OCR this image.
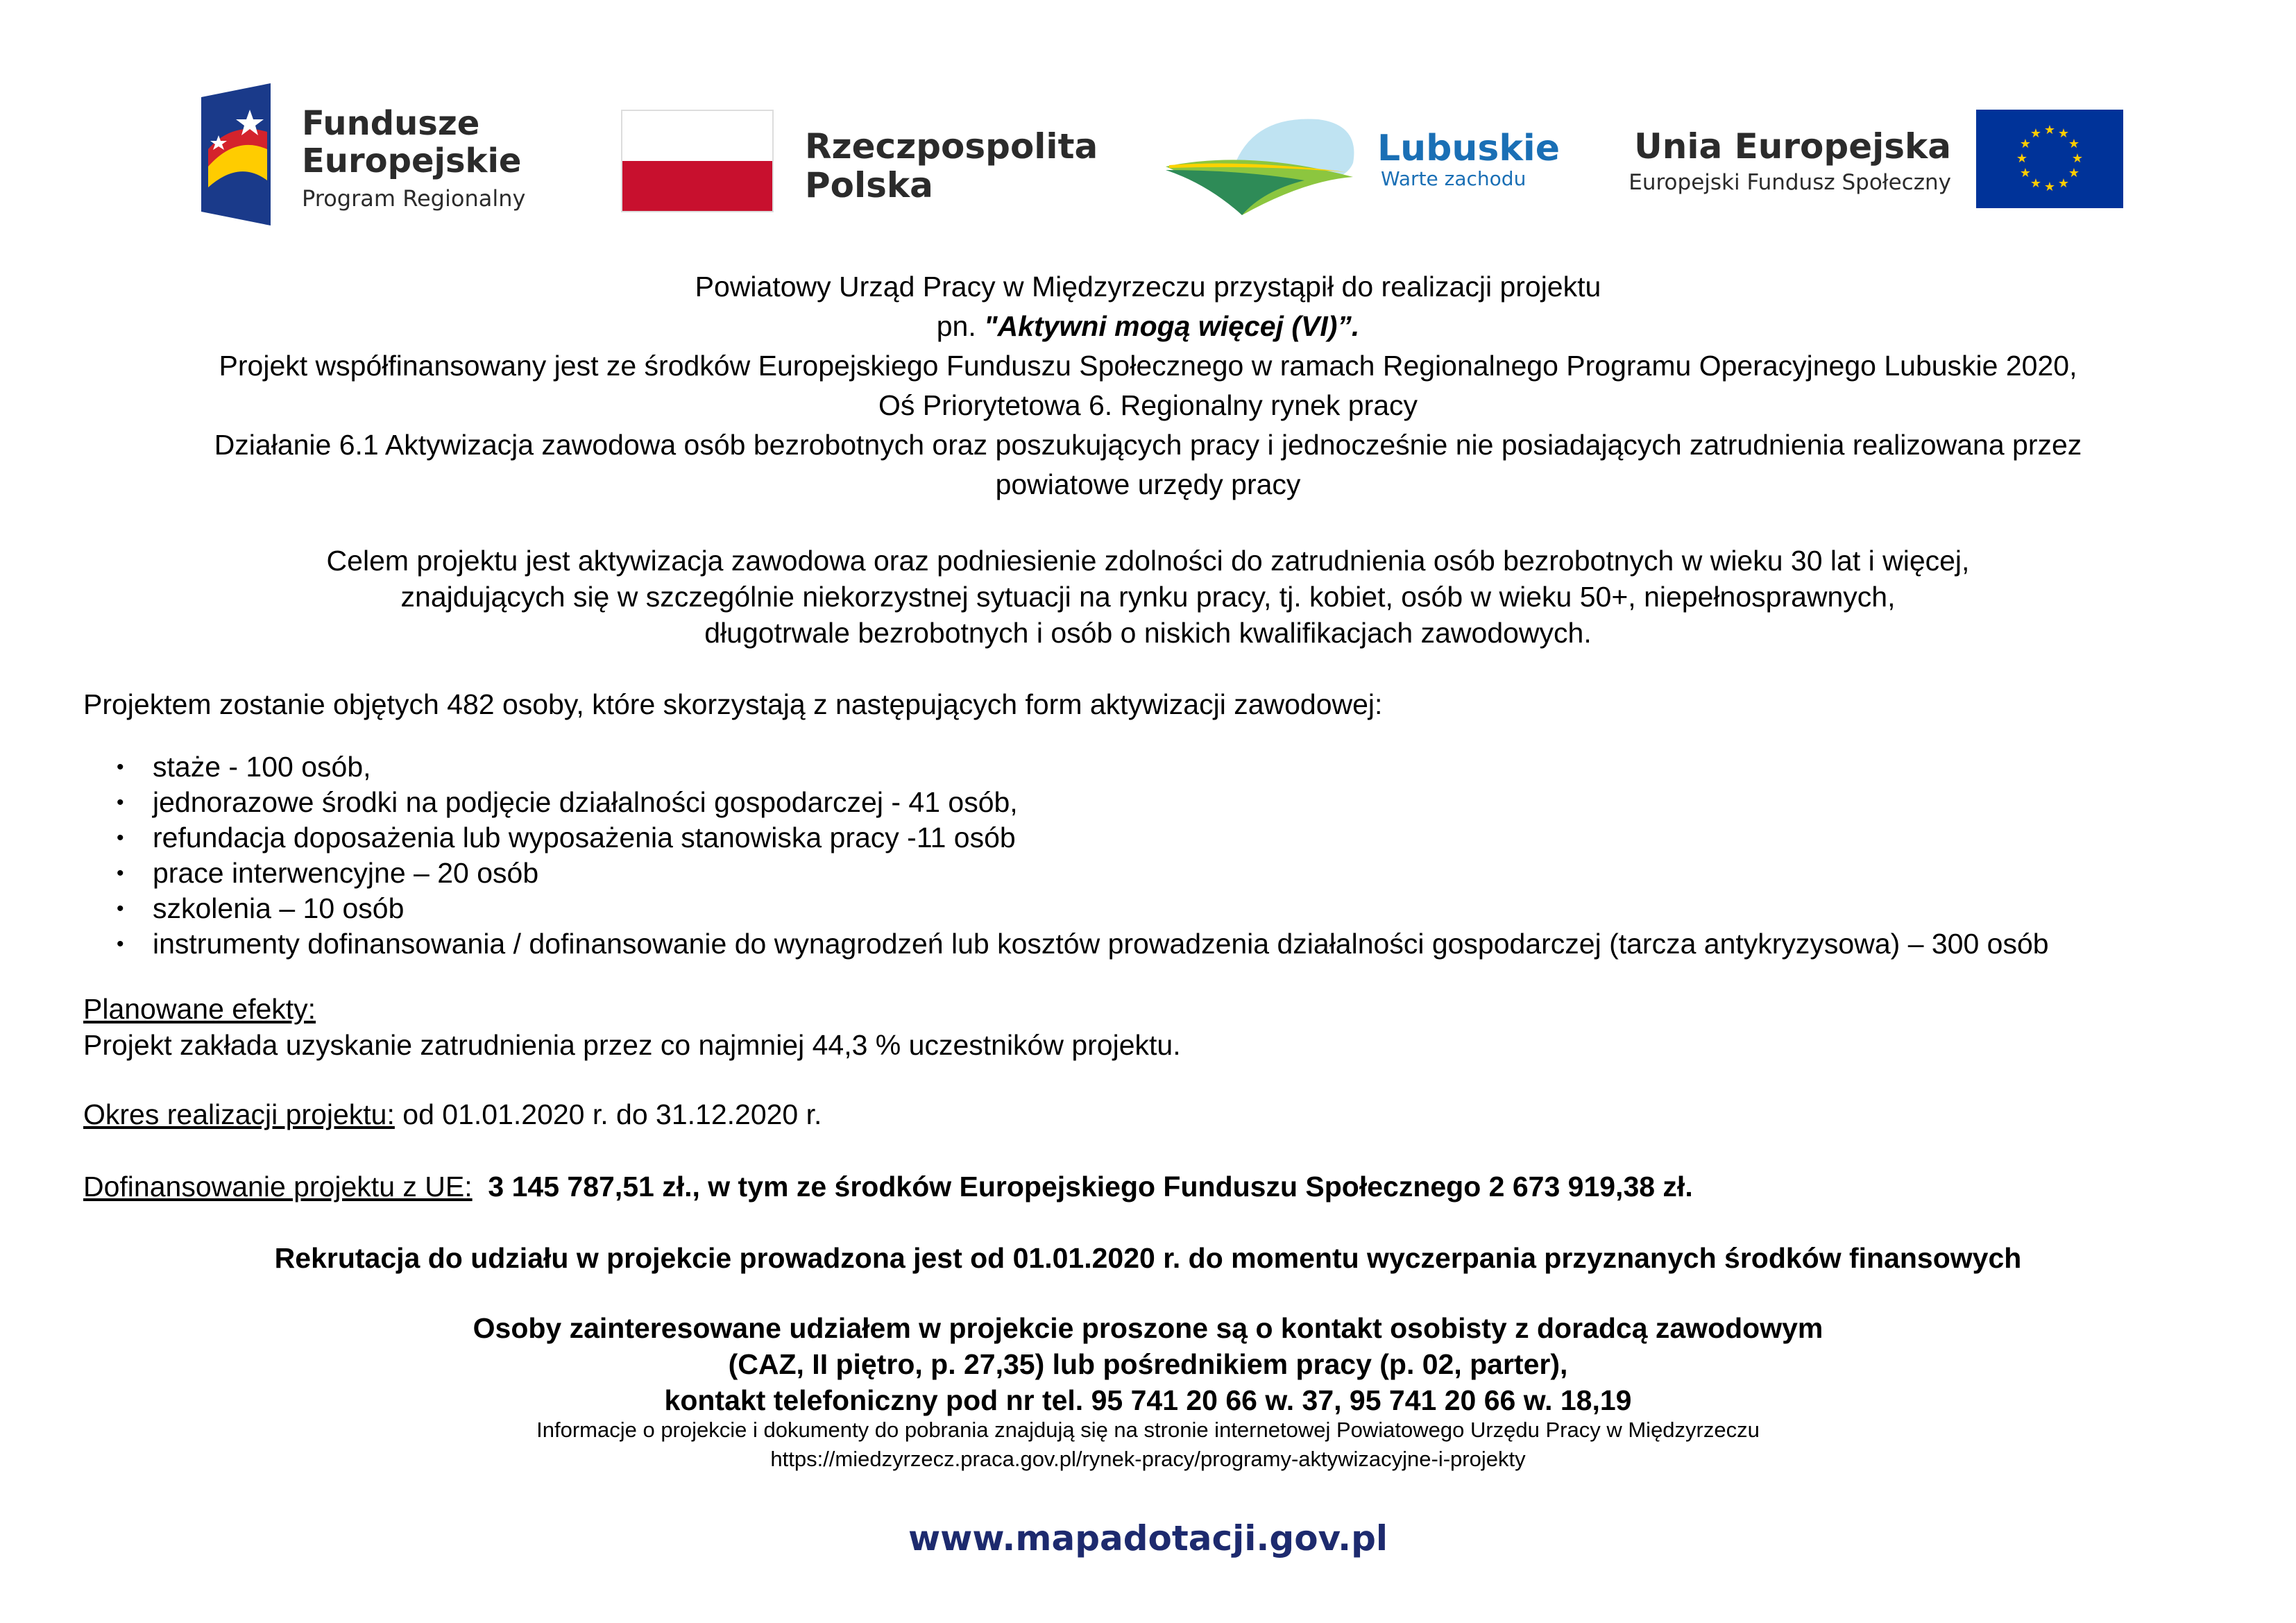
Fundusze
Europejskie
Program Regionalny
Rzeczpospolita
Polska
Lubuskie
Warte zachodu
Unia Europejska
Europejski Fundusz Społeczny
★ ★
★
★
★
★
★
★
★
★
★
★

Powiatowy Urząd Pracy w Międzyrzeczu przystąpił do realizacji projektu

pn. "Aktywni mogą więcej (VI)”.

Projekt współfinansowany jest ze środków Europejskiego Funduszu Społecznego w ramach Regionalnego Programu Operacyjnego Lubuskie 2020,

Oś Priorytetowa 6. Regionalny rynek pracy

Działanie 6.1 Aktywizacja zawodowa osób bezrobotnych oraz poszukujących pracy i jednocześnie nie posiadających zatrudnienia realizowana przez

powiatowe urzędy pracy

Celem projektu jest aktywizacja zawodowa oraz podniesienie zdolności do zatrudnienia osób bezrobotnych w wieku 30 lat i więcej,

znajdujących się w szczególnie niekorzystnej sytuacji na rynku pracy, tj. kobiet, osób w wieku 50+, niepełnosprawnych,

długotrwale bezrobotnych i osób o niskich kwalifikacjach zawodowych.

Projektem zostanie objętych 482 osoby, które skorzystają z następujących form aktywizacji zawodowej:

• staże - 100 osób,
• jednorazowe środki na podjęcie działalności gospodarczej - 41 osób,
• refundacja doposażenia lub wyposażenia stanowiska pracy -11 osób
• prace interwencyjne – 20 osób
• szkolenia – 10 osób
• instrumenty dofinansowania / dofinansowanie do wynagrodzeń lub kosztów prowadzenia działalności gospodarczej (tarcza antykryzysowa) – 300 osób

Planowane efekty:

Projekt zakłada uzyskanie zatrudnienia przez co najmniej 44,3 % uczestników projektu.

Okres realizacji projektu: od 01.01.2020 r. do 31.12.2020 r.

Dofinansowanie projektu z UE:  3 145 787,51 zł., w tym ze środków Europejskiego Funduszu Społecznego 2 673 919,38 zł.

Rekrutacja do udziału w projekcie prowadzona jest od 01.01.2020 r. do momentu wyczerpania przyznanych środków finansowych

Osoby zainteresowane udziałem w projekcie proszone są o kontakt osobisty z doradcą zawodowym

(CAZ, II piętro, p. 27,35) lub pośrednikiem pracy (p. 02, parter),

kontakt telefoniczny pod nr tel. 95 741 20 66 w. 37, 95 741 20 66 w. 18,19

Informacje o projekcie i dokumenty do pobrania znajdują się na stronie internetowej Powiatowego Urzędu Pracy w Międzyrzeczu

https://miedzyrzecz.praca.gov.pl/rynek-pracy/programy-aktywizacyjne-i-projekty

www.mapadotacji.gov.pl
